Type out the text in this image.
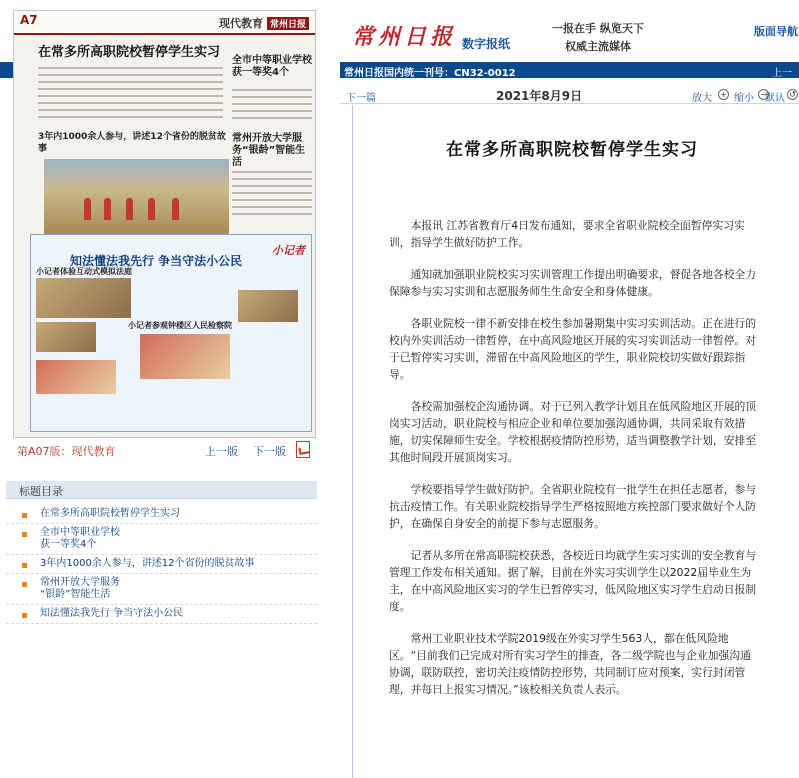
A7	现代教育 常州日报
在常多所高职院校暂停学生实习
全市中等职业学校获一等奖4个
3年内1000余人参与，讲述12个省份的脱贫故事
常州开放大学服务“银龄”智能生活
知法懂法我先行 争当守法小公民
小记者
小记者体验互动式模拟法庭
小记者参观钟楼区人民检察院
第A07版：现代教育	上一版 下一版
标题目录
在常多所高职院校暂停学生实习
全市中等职业学校
获一等奖4个
3年内1000余人参与，讲述12个省份的脱贫故事
常州开放大学服务
“银龄”智能生活
知法懂法我先行 争当守法小公民
常州日报 数字报纸
一报在手 纵览天下
权威主流媒体
版面导航
常州日报国内统一刊号：CN32-0012	上一
下一篇	2021年8月9日	放大 + 缩小 −
默认 ↺
在常多所高职院校暂停学生实习

本报讯 江苏省教育厅4日发布通知，要求全省职业院校全面暂停实习实训，指导学生做好防护工作。

通知就加强职业院校实习实训管理工作提出明确要求，督促各地各校全力保障参与实习实训和志愿服务师生生命安全和身体健康。

各职业院校一律不新安排在校生参加暑期集中实习实训活动。正在进行的校内外实训活动一律暂停，在中高风险地区开展的实习实训活动一律暂停。对于已暂停实习实训，滞留在中高风险地区的学生，职业院校切实做好跟踪指导。

各校需加强校企沟通协调。对于已列入教学计划且在低风险地区开展的顶岗实习活动，职业院校与相应企业和单位要加强沟通协调，共同采取有效措施，切实保障师生安全。学校根据疫情防控形势，适当调整教学计划，安排至其他时间段开展顶岗实习。

学校要指导学生做好防护。全省职业院校有一批学生在担任志愿者，参与抗击疫情工作。有关职业院校指导学生严格按照地方疾控部门要求做好个人防护，在确保自身安全的前提下参与志愿服务。

记者从多所在常高职院校获悉，各校近日均就学生实习实训的安全教育与管理工作发布相关通知。据了解，目前在外实习实训学生以2022届毕业生为主，在中高风险地区实习的学生已暂停实习，低风险地区实习学生启动日报制度。

常州工业职业技术学院2019级在外实习学生563人，都在低风险地区。“目前我们已完成对所有实习学生的排查，各二级学院也与企业加强沟通协调，联防联控，密切关注疫情防控形势，共同制订应对预案，实行封闭管理，并每日上报实习情况。”该校相关负责人表示。
